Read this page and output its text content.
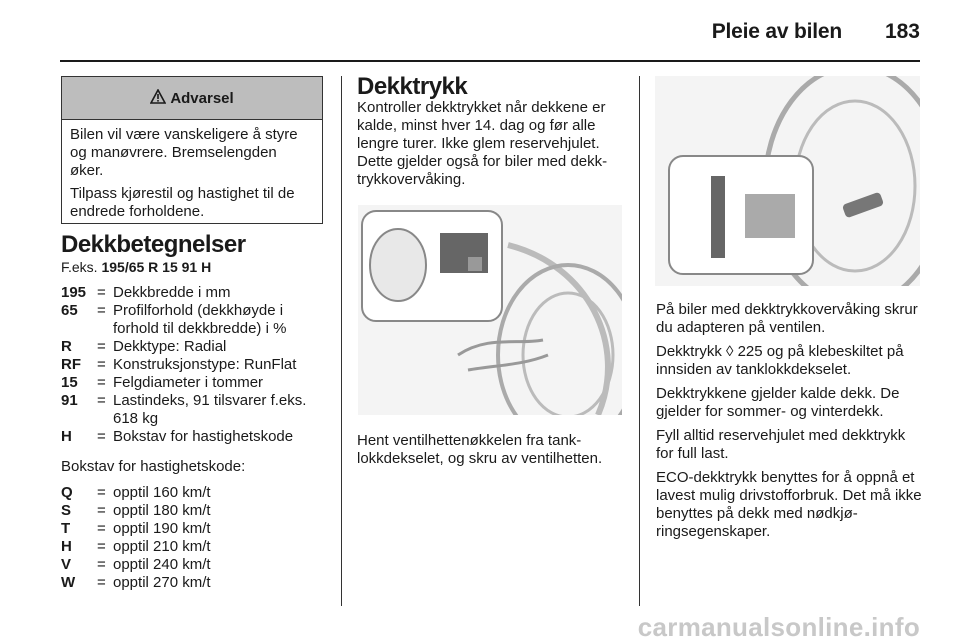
Pleie av bilen 183
Advarsel

Bilen vil være vanskeligere å styre og manøvrere. Bremselengden øker.

Tilpass kjørestil og hastighet til de endrede forholdene.

Dekkbetegnelser
F.eks. 195/65 R 15 91 H
195 = Dekkbredde i mm
65	= Profilforhold (dekkhøyde i forhold til dekkbredde) i %
R	= Dekktype: Radial
RF	= Konstruksjonstype: RunFlat
15	= Felgdiameter i tommer
91	= Lastindeks, 91 tilsvarer f.eks. 618 kg
H	= Bokstav for hastighetskode
Bokstav for hastighetskode:
Q	= opptil 160 km/t
S	= opptil 180 km/t
T	= opptil 190 km/t
H	= opptil 210 km/t
V	= opptil 240 km/t
W	= opptil 270 km/t
Dekktrykk
Kontroller dekktrykket når dekkene er kalde, minst hver 14. dag og før alle lengre turer. Ikke glem reservehjulet. Dette gjelder også for biler med dekk-trykkovervåking.
Hent ventilhettenøkkelen fra tank-lokkdekselet, og skru av ventilhetten.

På biler med dekktrykkovervåking skrur du adapteren på ventilen.

Dekktrykk ◊ 225 og på klebeskiltet på innsiden av tanklokkdekselet.

Dekktrykkene gjelder kalde dekk. De gjelder for sommer- og vinterdekk.

Fyll alltid reservehjulet med dekktrykk for full last.

ECO-dekktrykk benyttes for å oppnå et lavest mulig drivstofforbruk. Det må ikke benyttes på dekk med nødkjø-ringsegenskaper.

carmanualsonline.info
